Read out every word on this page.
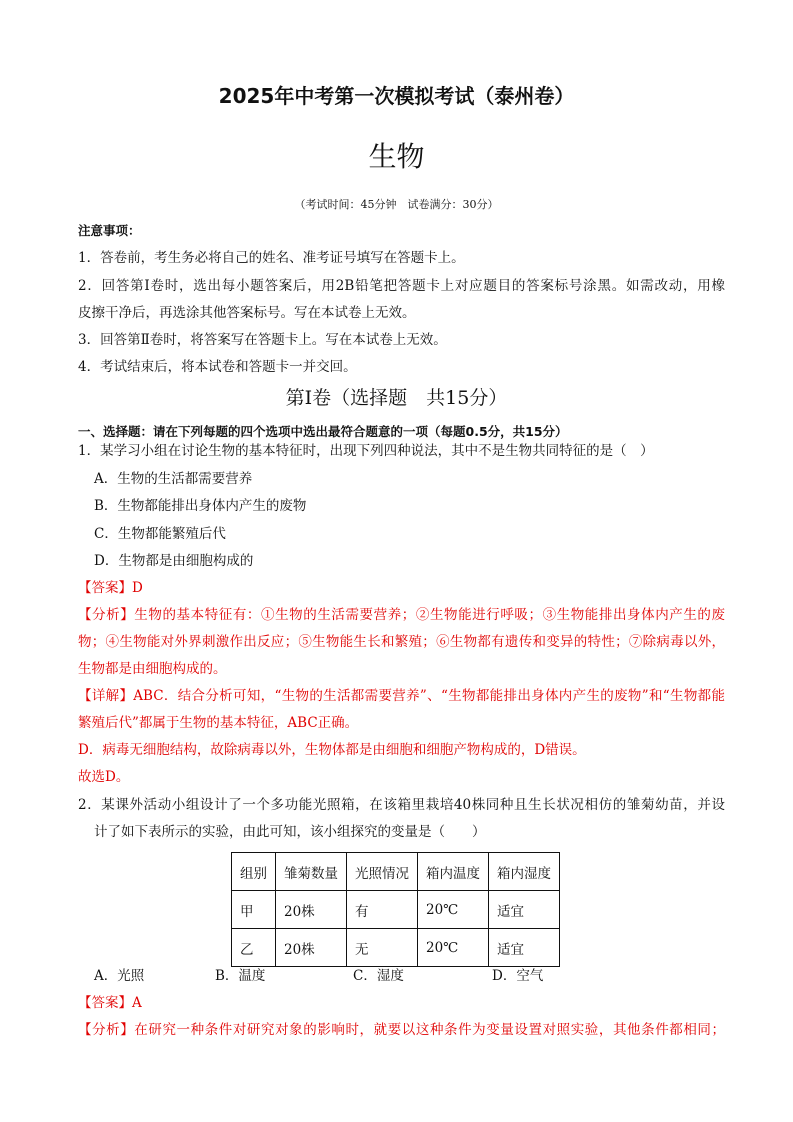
2025年中考第一次模拟考试（泰州卷）
生物
（考试时间：45分钟　试卷满分：30分）
注意事项：
1．答卷前，考生务必将自己的姓名、准考证号填写在答题卡上。
2．回答第Ⅰ卷时，选出每小题答案后，用2B铅笔把答题卡上对应题目的答案标号涂黑。如需改动，用橡
皮擦干净后，再选涂其他答案标号。写在本试卷上无效。
3．回答第Ⅱ卷时，将答案写在答题卡上。写在本试卷上无效。
4．考试结束后，将本试卷和答题卡一并交回。
第Ⅰ卷（选择题　共15分）
一、选择题：请在下列每题的四个选项中选出最符合题意的一项（每题0.5分，共15分）
1．某学习小组在讨论生物的基本特征时，出现下列四种说法，其中不是生物共同特征的是（　）
A．生物的生活都需要营养
B．生物都能排出身体内产生的废物
C．生物都能繁殖后代
D．生物都是由细胞构成的
【答案】D
【分析】生物的基本特征有：①生物的生活需要营养；②生物能进行呼吸；③生物能排出身体内产生的废
物；④生物能对外界刺激作出反应；⑤生物能生长和繁殖；⑥生物都有遗传和变异的特性；⑦除病毒以外，
生物都是由细胞构成的。
【详解】ABC．结合分析可知，“生物的生活都需要营养”、“生物都能排出身体内产生的废物”和“生物都能
繁殖后代”都属于生物的基本特征，ABC正确。
D．病毒无细胞结构，故除病毒以外，生物体都是由细胞和细胞产物构成的，D错误。
故选D。
2．某课外活动小组设计了一个多功能光照箱，在该箱里栽培40株同种且生长状况相仿的雏菊幼苗，并设
计了如下表所示的实验，由此可知，该小组探究的变量是（　　）
组别	雏菊数量	光照情况	箱内温度	箱内湿度
甲	20株	有	20℃	适宜
乙	20株	无	20℃	适宜
A．光照	B．温度	C．湿度	D．空气
【答案】A
【分析】在研究一种条件对研究对象的影响时，就要以这种条件为变量设置对照实验，其他条件都相同；
